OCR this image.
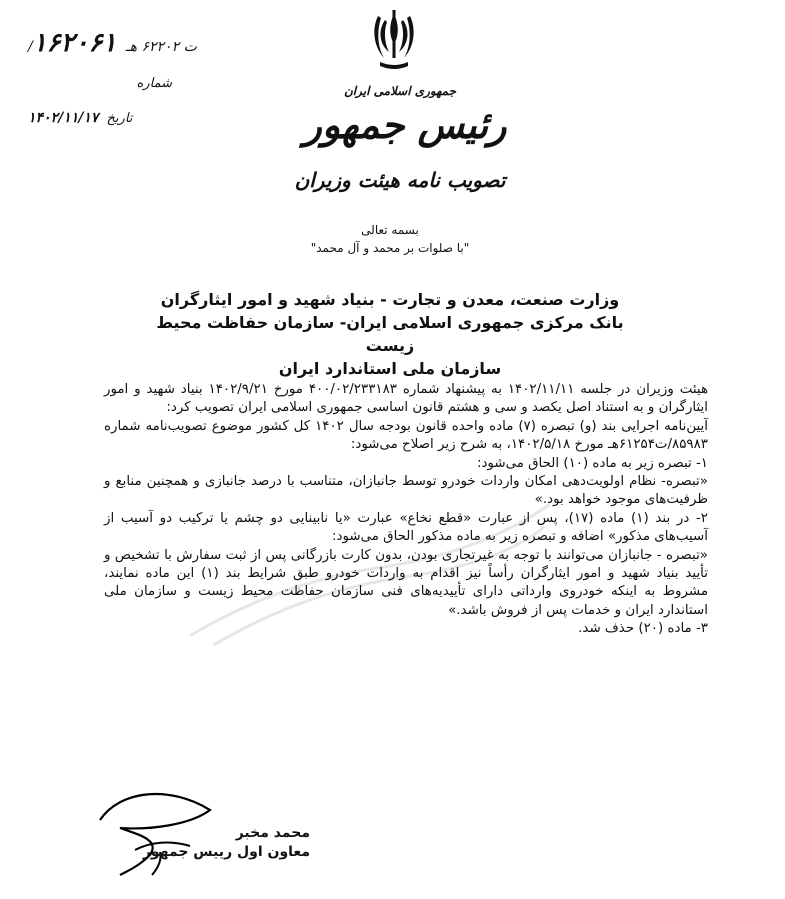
جمهوری اسلامی ایران
رئیس جمهور
تصویب نامه هیئت وزیران
/ت ۶۲۲۰۲ هـ ۱۶۲۰۶۱
شماره
تاریخ ۱۴۰۲/۱۱/۱۷
بسمه تعالی
"با صلوات بر محمد و آل محمد"
وزارت صنعت، معدن و تجارت - بنیاد شهید و امور ایثارگران
بانک مرکزی جمهوری اسلامی ایران- سازمان حفاظت محیط زیست
سازمان ملی استاندارد ایران

هیئت وزیران در جلسه ۱۴۰۲/۱۱/۱۱ به پیشنهاد شماره ۴۰۰/۰۲/۲۳۳۱۸۳ مورخ ۱۴۰۲/۹/۲۱ بنیاد شهید و امور ایثارگران و به استناد اصل یکصد و سی و هشتم قانون اساسی جمهوری اسلامی ایران تصویب کرد:

آیین‌نامه اجرایی بند (و) تبصره (۷) ماده واحده قانون بودجه سال ۱۴۰۲ کل کشور موضوع تصویب‌نامه شماره ۸۵۹۸۳/ت۶۱۲۵۴هـ مورخ ۱۴۰۲/۵/۱۸، به شرح زیر اصلاح می‌شود:

۱- تبصره زیر به ماده (۱۰) الحاق می‌شود:

«تبصره- نظام اولویت‌دهی امکان واردات خودرو توسط جانبازان، متناسب با درصد جانبازی و همچنین منابع و ظرفیت‌های موجود خواهد بود.»

۲- در بند (۱) ماده (۱۷)، پس از عبارت «قطع نخاع» عبارت «یا نابینایی دو چشم یا ترکیب دو آسیب از آسیب‌های مذکور» اضافه و تبصره زیر به ماده مذکور الحاق می‌شود:

«تبصره - جانبازان می‌توانند با توجه به غیرتجاری بودن، بدون کارت بازرگانی پس از ثبت سفارش با تشخیص و تأیید بنیاد شهید و امور ایثارگران رأساً نیز اقدام به واردات خودرو طبق شرایط بند (۱) این ماده نمایند، مشروط به اینکه خودروی وارداتی دارای تأییدیه‌های فنی سازمان حفاظت محیط زیست و سازمان ملی استاندارد ایران و خدمات پس از فروش باشد.»

۳- ماده (۲۰) حذف شد.

محمد مخبر
معاون اول رییس جمهور
